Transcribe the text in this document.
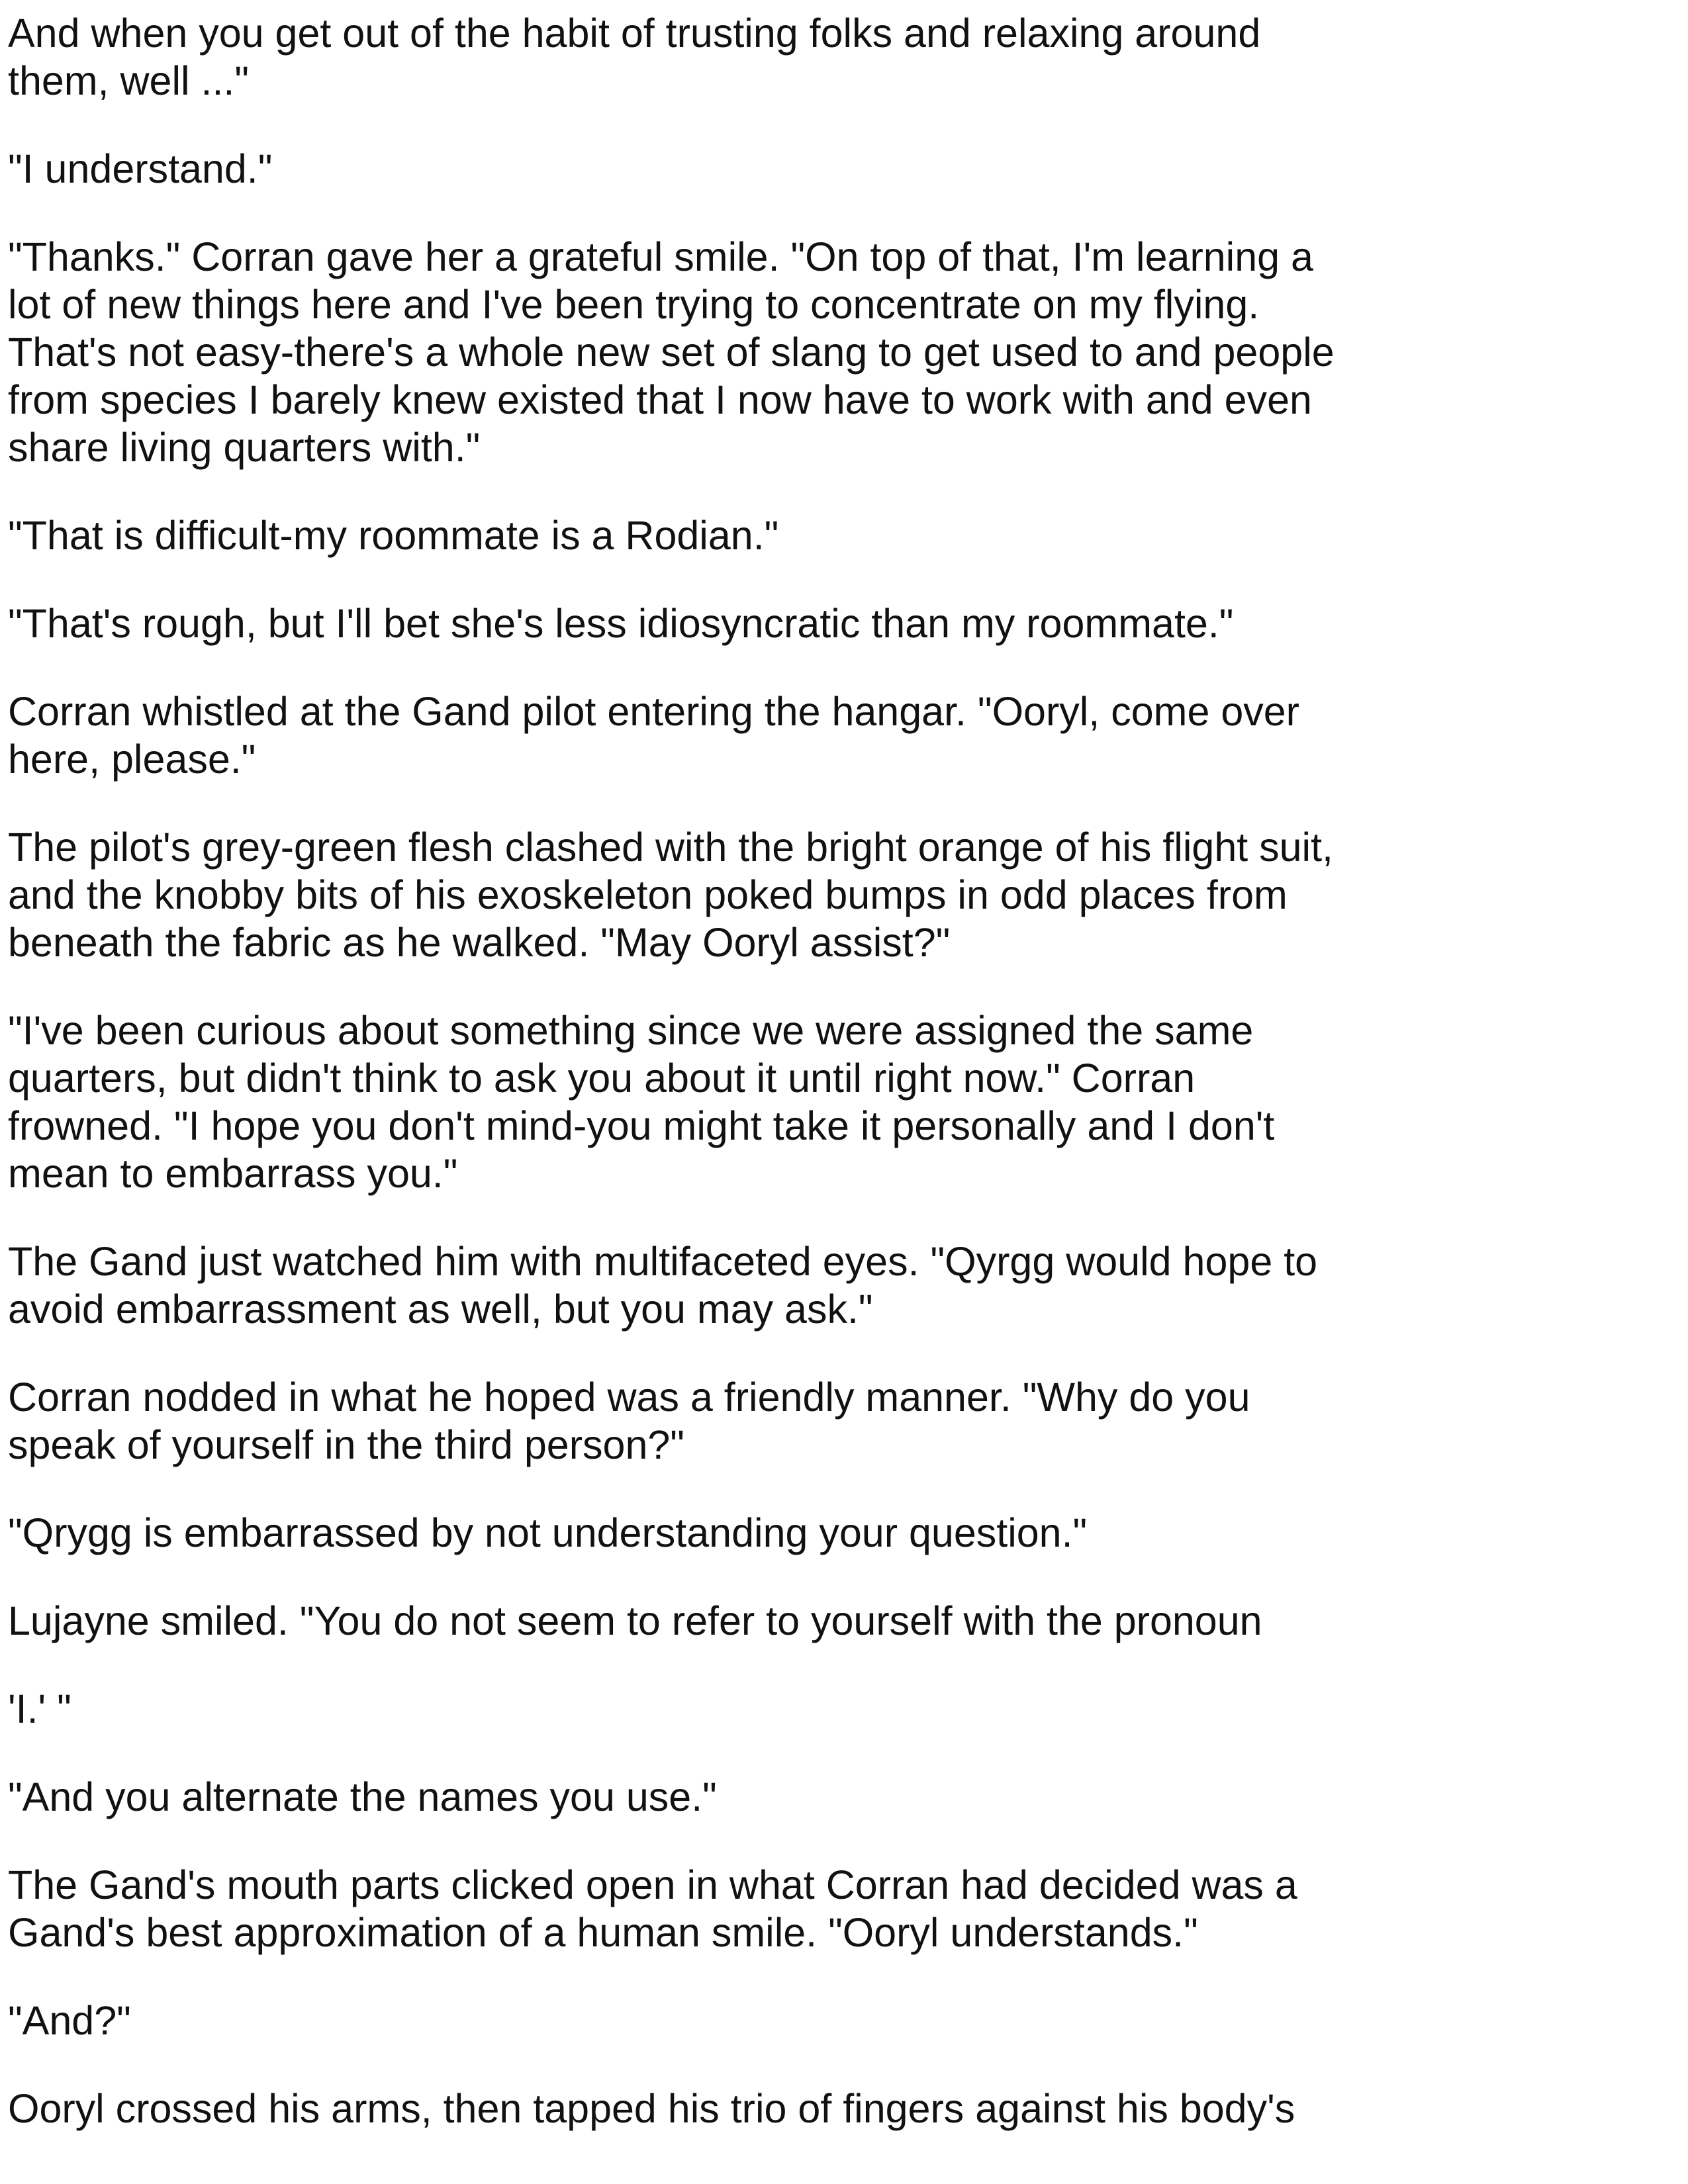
And when you get out of the habit of trusting folks and relaxing around
them, well ..."

"I understand."

"Thanks." Corran gave her a grateful smile. "On top of that, I'm learning a
lot of new things here and I've been trying to concentrate on my flying.
That's not easy-there's a whole new set of slang to get used to and people
from species I barely knew existed that I now have to work with and even
share living quarters with."

"That is difficult-my roommate is a Rodian."

"That's rough, but I'll bet she's less idiosyncratic than my roommate."

Corran whistled at the Gand pilot entering the hangar. "Ooryl, come over
here, please."

The pilot's grey-green flesh clashed with the bright orange of his flight suit,
and the knobby bits of his exoskeleton poked bumps in odd places from
beneath the fabric as he walked. "May Ooryl assist?"

"I've been curious about something since we were assigned the same
quarters, but didn't think to ask you about it until right now." Corran
frowned. "I hope you don't mind-you might take it personally and I don't
mean to embarrass you."

The Gand just watched him with multifaceted eyes. "Qyrgg would hope to
avoid embarrassment as well, but you may ask."

Corran nodded in what he hoped was a friendly manner. "Why do you
speak of yourself in the third person?"

"Qrygg is embarrassed by not understanding your question."

Lujayne smiled. "You do not seem to refer to yourself with the pronoun

'I.' "

"And you alternate the names you use."

The Gand's mouth parts clicked open in what Corran had decided was a
Gand's best approximation of a human smile. "Ooryl understands."

"And?"

Ooryl crossed his arms, then tapped his trio of fingers against his body's
